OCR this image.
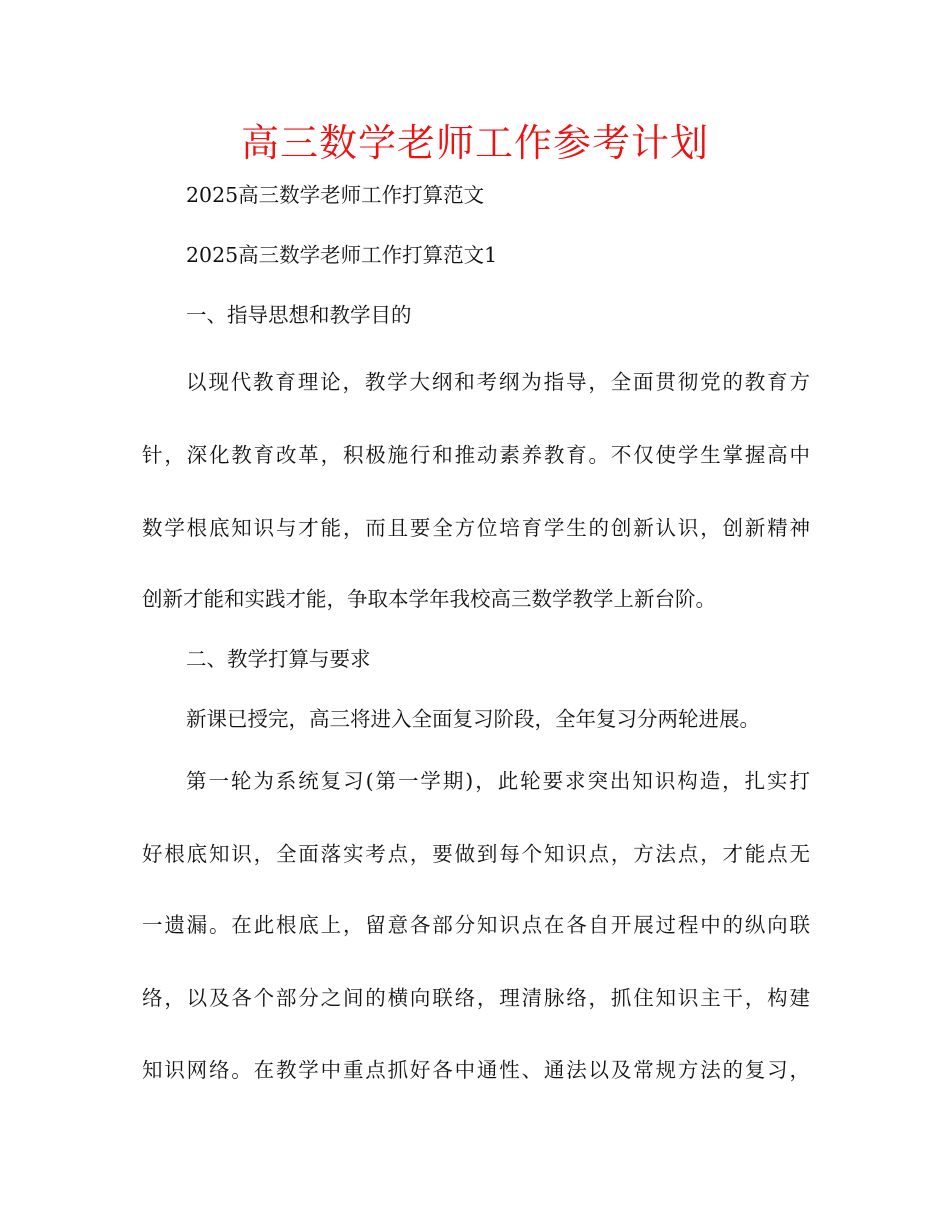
高三数学老师工作参考计划

2025高三数学老师工作打算范文

2025高三数学老师工作打算范文1

一、指导思想和教学目的

以现代教育理论，教学大纲和考纲为指导，全面贯彻党的教育方

针，深化教育改革，积极施行和推动素养教育。不仅使学生掌握高中

数学根底知识与才能，而且要全方位培育学生的创新认识，创新精神

创新才能和实践才能，争取本学年我校高三数学教学上新台阶。

二、教学打算与要求

新课已授完，高三将进入全面复习阶段，全年复习分两轮进展。

第一轮为系统复习(第一学期)，此轮要求突出知识构造，扎实打

好根底知识，全面落实考点，要做到每个知识点，方法点，才能点无

一遗漏。在此根底上，留意各部分知识点在各自开展过程中的纵向联

络，以及各个部分之间的横向联络，理清脉络，抓住知识主干，构建

知识网络。在教学中重点抓好各中通性、通法以及常规方法的复习，
